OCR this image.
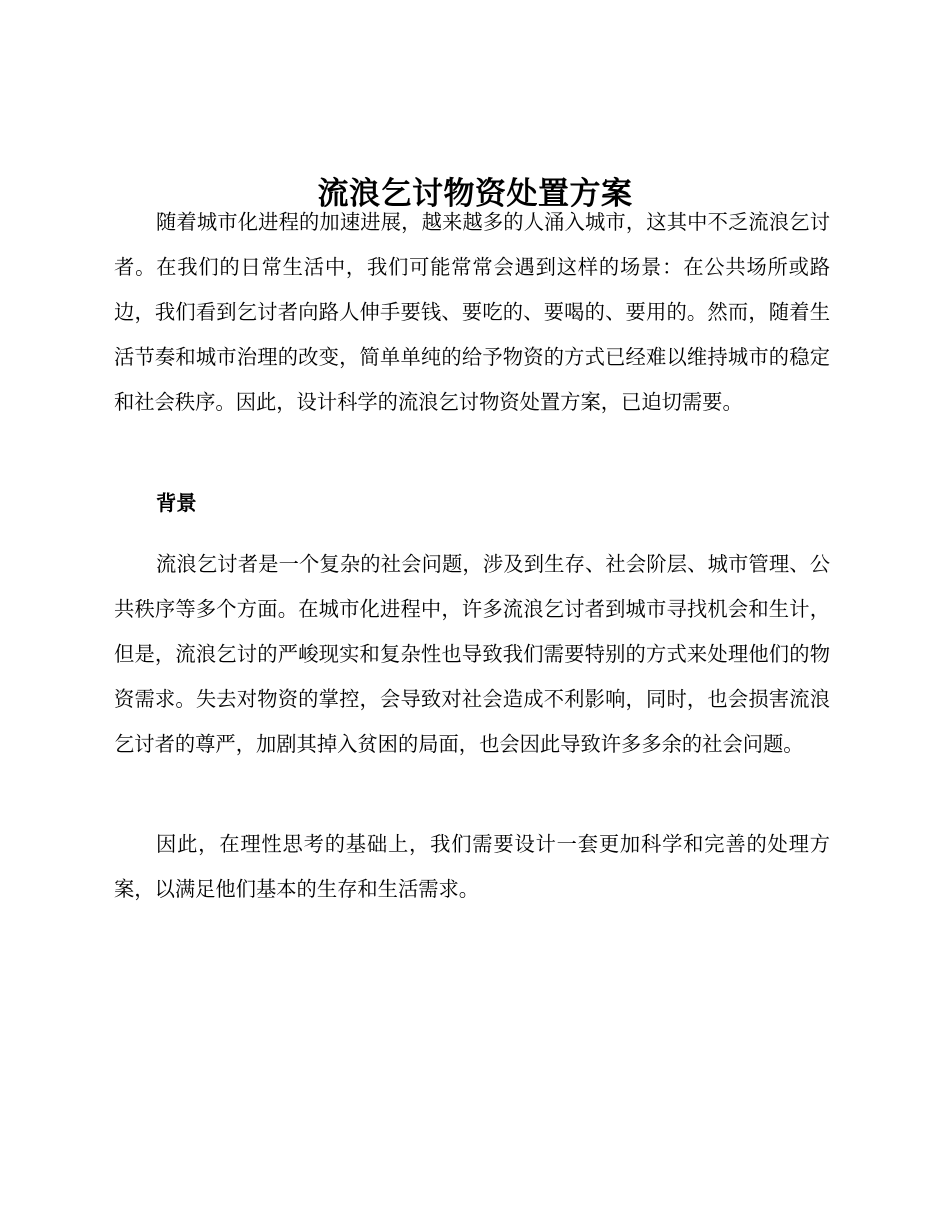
流浪乞讨物资处置方案

随着城市化进程的加速进展，越来越多的人涌入城市，这其中不乏流浪乞讨者。在我们的日常生活中，我们可能常常会遇到这样的场景：在公共场所或路边，我们看到乞讨者向路人伸手要钱、要吃的、要喝的、要用的。然而，随着生活节奏和城市治理的改变，简单单纯的给予物资的方式已经难以维持城市的稳定和社会秩序。因此，设计科学的流浪乞讨物资处置方案，已迫切需要。

背景

流浪乞讨者是一个复杂的社会问题，涉及到生存、社会阶层、城市管理、公共秩序等多个方面。在城市化进程中，许多流浪乞讨者到城市寻找机会和生计，但是，流浪乞讨的严峻现实和复杂性也导致我们需要特别的方式来处理他们的物资需求。失去对物资的掌控，会导致对社会造成不利影响，同时，也会损害流浪乞讨者的尊严，加剧其掉入贫困的局面，也会因此导致许多多余的社会问题。

因此，在理性思考的基础上，我们需要设计一套更加科学和完善的处理方案，以满足他们基本的生存和生活需求。
